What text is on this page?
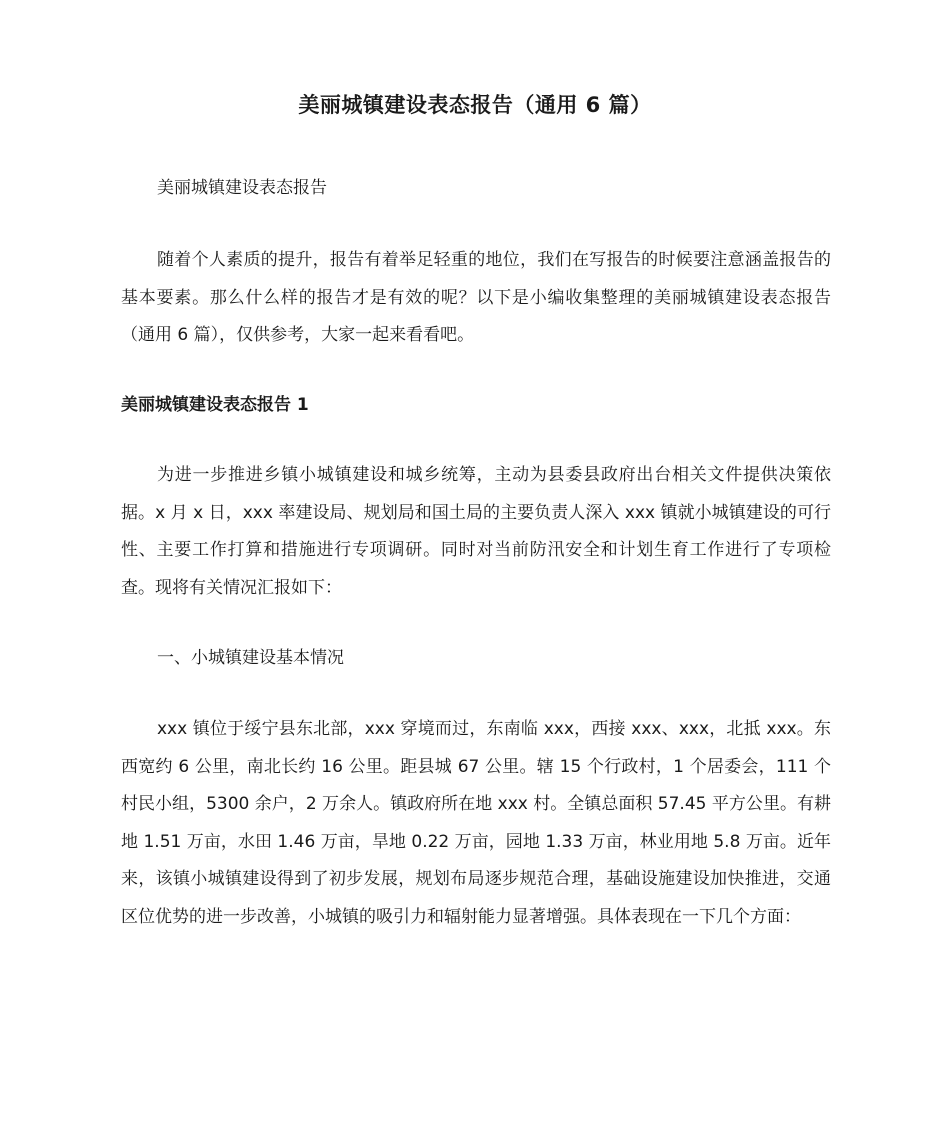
美丽城镇建设表态报告（通用 6 篇）

美丽城镇建设表态报告

随着个人素质的提升，报告有着举足轻重的地位，我们在写报告的时候要注意涵盖报告的基本要素。那么什么样的报告才是有效的呢？以下是小编收集整理的美丽城镇建设表态报告（通用 6 篇），仅供参考，大家一起来看看吧。

美丽城镇建设表态报告 1

为进一步推进乡镇小城镇建设和城乡统筹，主动为县委县政府出台相关文件提供决策依据。x 月 x 日，xxx 率建设局、规划局和国土局的主要负责人深入 xxx 镇就小城镇建设的可行性、主要工作打算和措施进行专项调研。同时对当前防汛安全和计划生育工作进行了专项检查。现将有关情况汇报如下：

一、小城镇建设基本情况

xxx 镇位于绥宁县东北部，xxx 穿境而过，东南临 xxx，西接 xxx、xxx，北抵 xxx。东西宽约 6 公里，南北长约 16 公里。距县城 67 公里。辖 15 个行政村，1 个居委会，111 个村民小组，5300 余户，2 万余人。镇政府所在地 xxx 村。全镇总面积 57.45 平方公里。有耕地 1.51 万亩，水田 1.46 万亩，旱地 0.22 万亩，园地 1.33 万亩，林业用地 5.8 万亩。近年来，该镇小城镇建设得到了初步发展，规划布局逐步规范合理，基础设施建设加快推进，交通区位优势的进一步改善，小城镇的吸引力和辐射能力显著增强。具体表现在一下几个方面：
